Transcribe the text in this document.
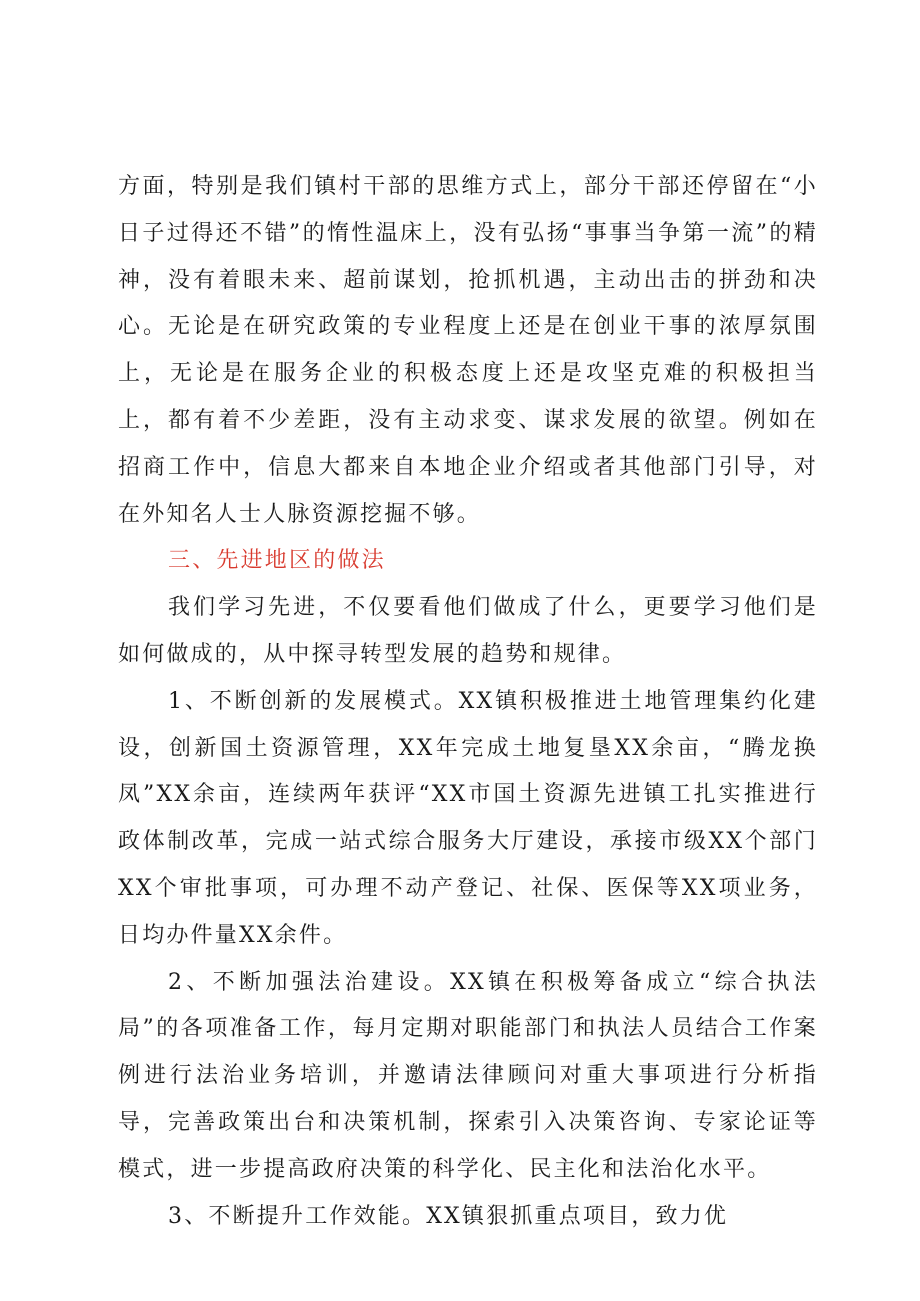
方面，特别是我们镇村干部的思维方式上，部分干部还停留在“小日子过得还不错”的惰性温床上，没有弘扬“事事当争第一流”的精神，没有着眼未来、超前谋划，抢抓机遇，主动出击的拼劲和决心。无论是在研究政策的专业程度上还是在创业干事的浓厚氛围上，无论是在服务企业的积极态度上还是攻坚克难的积极担当上，都有着不少差距，没有主动求变、谋求发展的欲望。例如在招商工作中，信息大都来自本地企业介绍或者其他部门引导，对在外知名人士人脉资源挖掘不够。

三、先进地区的做法

我们学习先进，不仅要看他们做成了什么，更要学习他们是如何做成的，从中探寻转型发展的趋势和规律。

1、不断创新的发展模式。XX镇积极推进土地管理集约化建设，创新国土资源管理，XX年完成土地复垦XX余亩，“腾龙换凤”XX余亩，连续两年获评“XX市国土资源先进镇工扎实推进行政体制改革，完成一站式综合服务大厅建设，承接市级XX个部门XX个审批事项，可办理不动产登记、社保、医保等XX项业务，日均办件量XX余件。

2、不断加强法治建设。XX镇在积极筹备成立“综合执法局”的各项准备工作，每月定期对职能部门和执法人员结合工作案例进行法治业务培训，并邀请法律顾问对重大事项进行分析指导，完善政策出台和决策机制，探索引入决策咨询、专家论证等模式，进一步提高政府决策的科学化、民主化和法治化水平。

3、不断提升工作效能。XX镇狠抓重点项目，致力优
